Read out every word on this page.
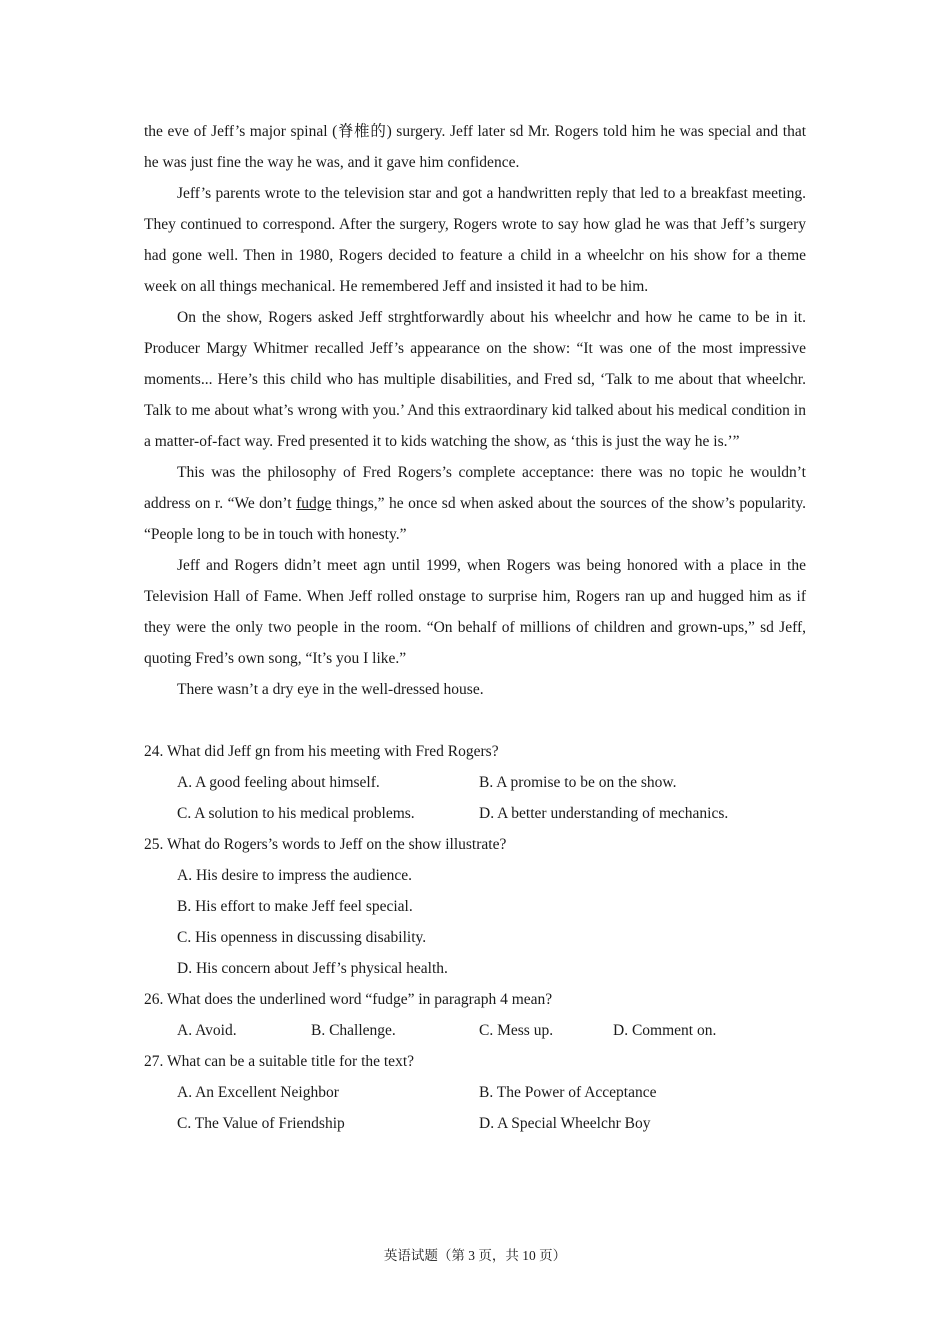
the eve of Jeff’s major spinal (脊椎的) surgery. Jeff later sd Mr. Rogers told him he was special and that he was just fine the way he was, and it gave him confidence.

Jeff’s parents wrote to the television star and got a handwritten reply that led to a breakfast meeting. They continued to correspond. After the surgery, Rogers wrote to say how glad he was that Jeff’s surgery had gone well. Then in 1980, Rogers decided to feature a child in a wheelchr on his show for a theme week on all things mechanical. He remembered Jeff and insisted it had to be him.

On the show, Rogers asked Jeff strghtforwardly about his wheelchr and how he came to be in it. Producer Margy Whitmer recalled Jeff’s appearance on the show: “It was one of the most impressive moments... Here’s this child who has multiple disabilities, and Fred sd, ‘Talk to me about that wheelchr. Talk to me about what’s wrong with you.’ And this extraordinary kid talked about his medical condition in a matter-of-fact way. Fred presented it to kids watching the show, as ‘this is just the way he is.’”

This was the philosophy of Fred Rogers’s complete acceptance: there was no topic he wouldn’t address on r. “We don’t fudge things,” he once sd when asked about the sources of the show’s popularity. “People long to be in touch with honesty.”

Jeff and Rogers didn’t meet agn until 1999, when Rogers was being honored with a place in the Television Hall of Fame. When Jeff rolled onstage to surprise him, Rogers ran up and hugged him as if they were the only two people in the room. “On behalf of millions of children and grown-ups,” sd Jeff, quoting Fred’s own song, “It’s you I like.”

There wasn’t a dry eye in the well-dressed house.

24. What did Jeff gn from his meeting with Fred Rogers?

A. A good feeling about himself.	B. A promise to be on the show.
C. A solution to his medical problems.	D. A better understanding of mechanics.

25. What do Rogers’s words to Jeff on the show illustrate?

A. His desire to impress the audience.
B. His effort to make Jeff feel special.
C. His openness in discussing disability.
D. His concern about Jeff’s physical health.

26. What does the underlined word “fudge” in paragraph 4 mean?

A. Avoid.	B. Challenge.	C. Mess up.	D. Comment on.

27. What can be a suitable title for the text?

A. An Excellent Neighbor	B. The Power of Acceptance
C. The Value of Friendship	D. A Special Wheelchr Boy
英语试题（第 3 页，共 10 页）
